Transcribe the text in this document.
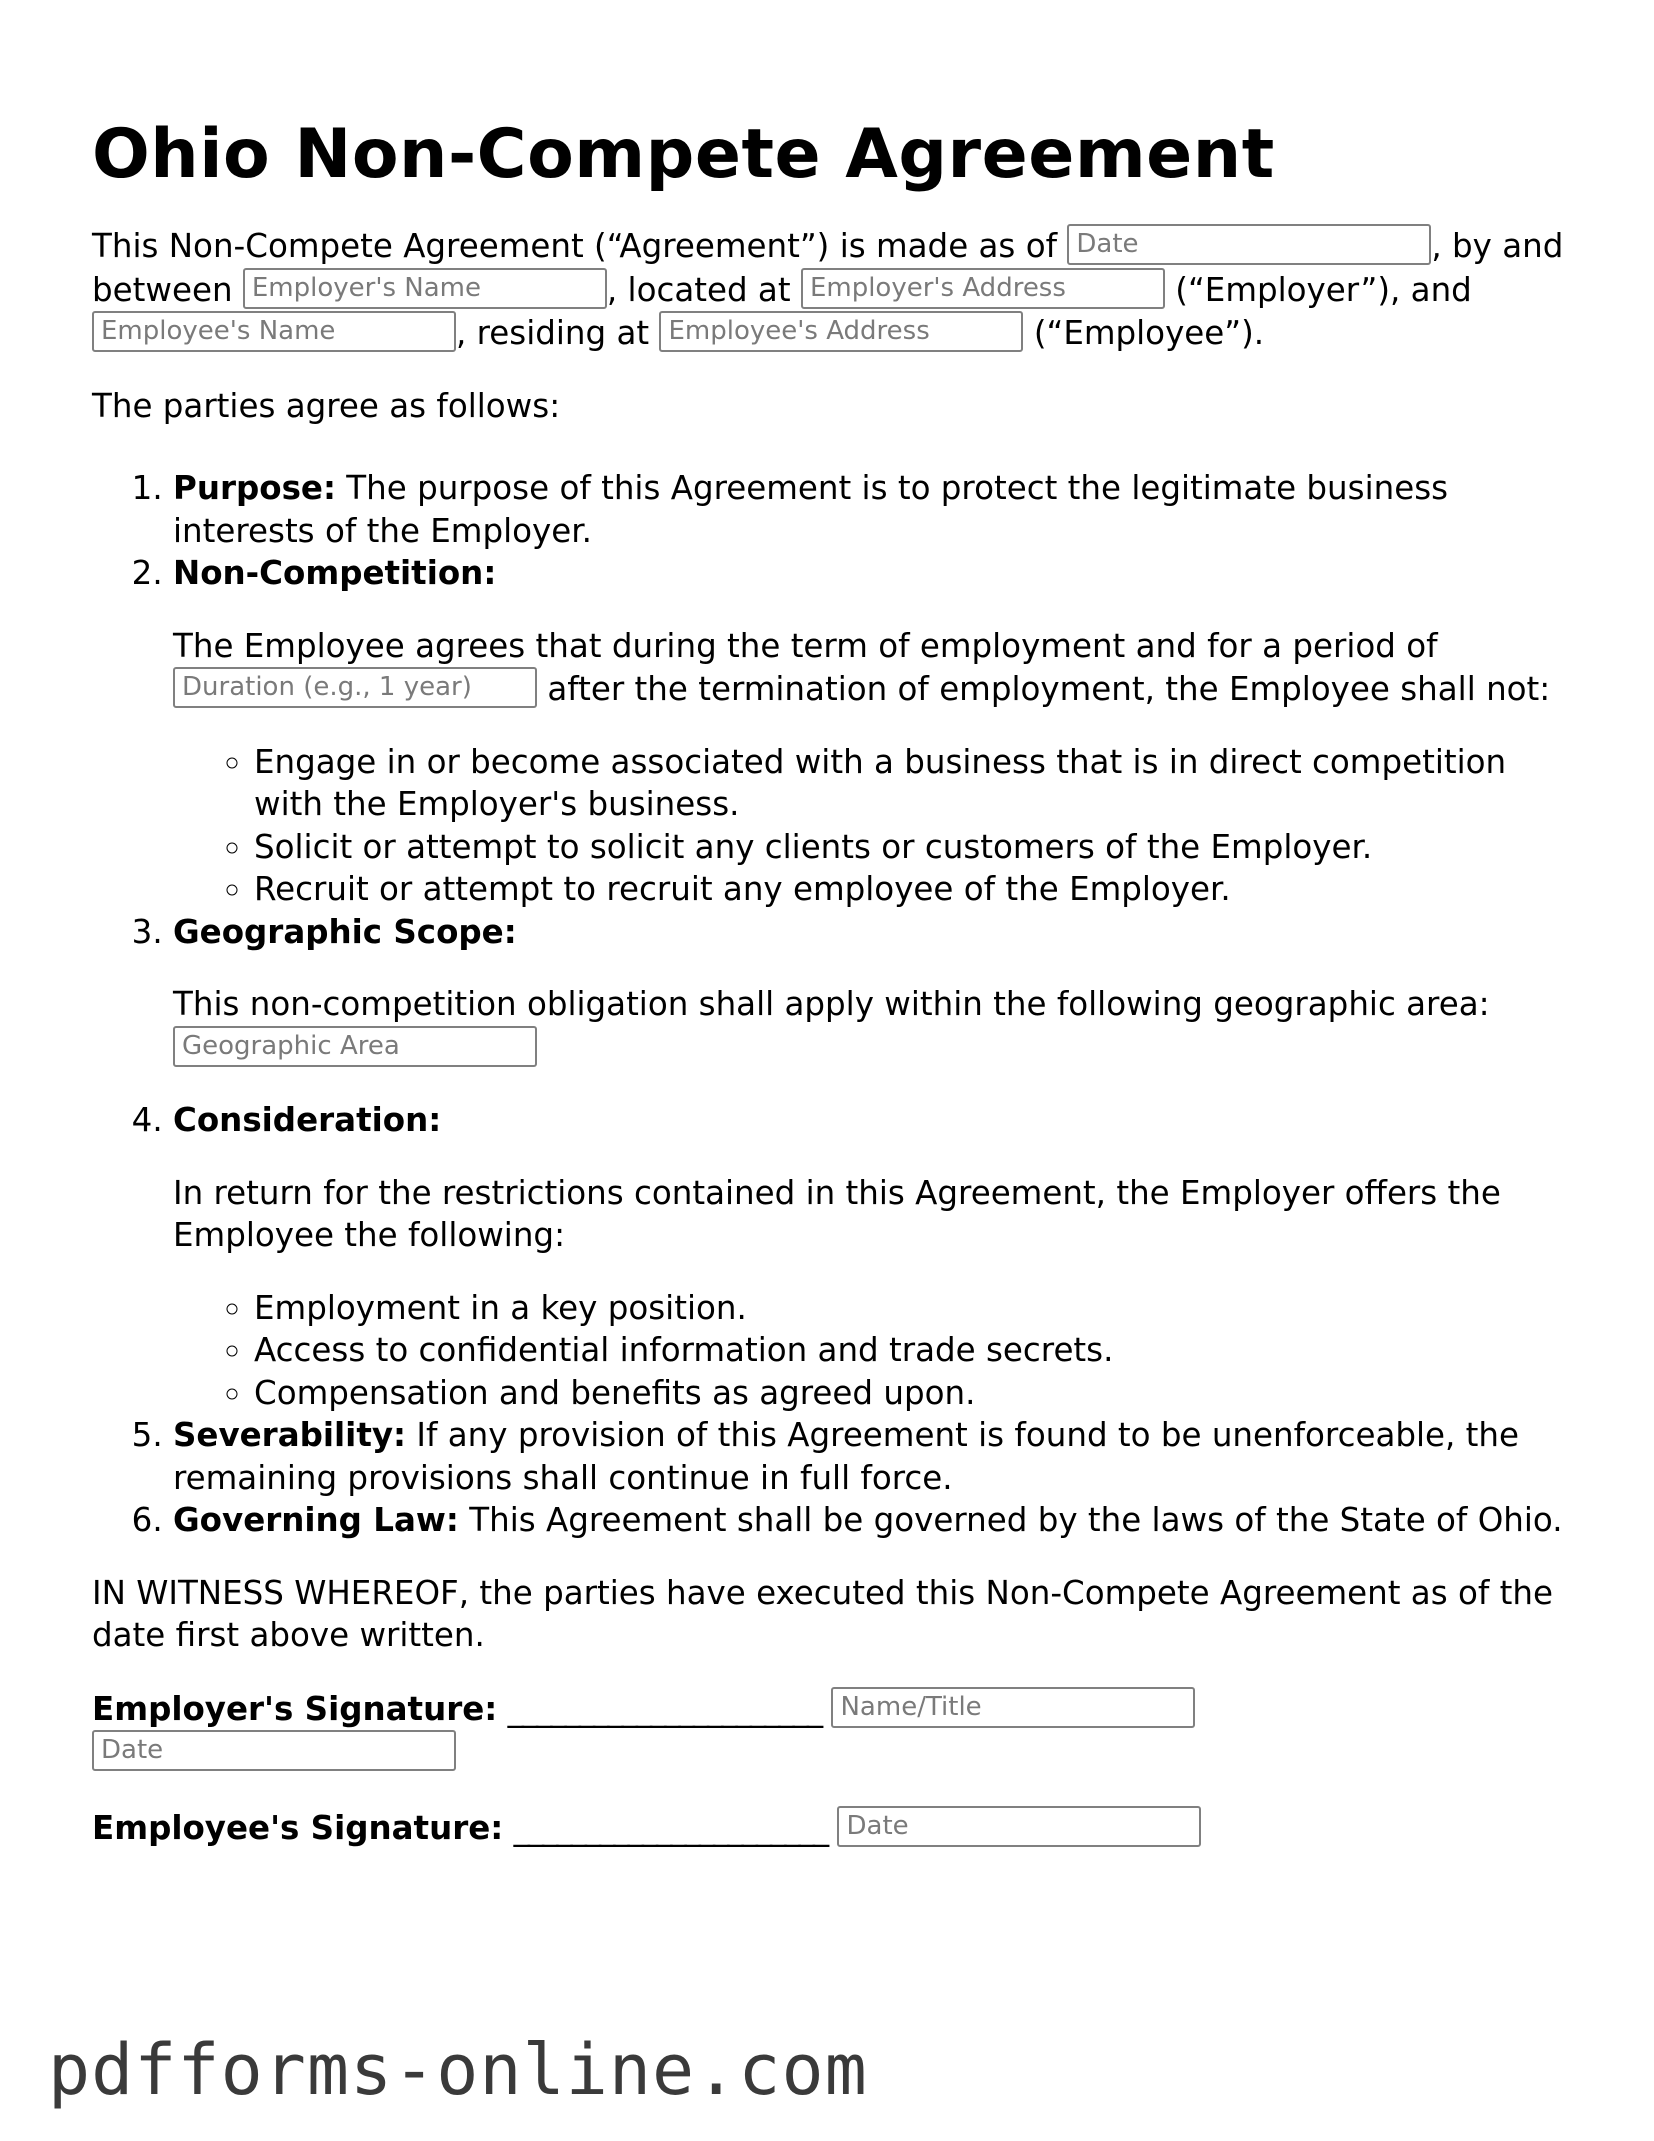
Ohio Non-Compete Agreement

This Non-Compete Agreement (“Agreement”) is made as of Date	, by and between Employer's Name	, located at Employer's Address	(“Employer”), and Employee's Name	, residing at Employee's Address	(“Employee”).

The parties agree as follows:

1. Purpose: The purpose of this Agreement is to protect the legitimate business interests of the Employer.
2. Non-Competition:

The Employee agrees that during the term of employment and for a period of Duration (e.g., 1 year) after the termination of employment, the Employee shall not:

◦ Engage in or become associated with a business that is in direct competition with the Employer's business.
◦ Solicit or attempt to solicit any clients or customers of the Employer.
◦ Recruit or attempt to recruit any employee of the Employer.
3. Geographic Scope:

This non-competition obligation shall apply within the following geographic area: Geographic Area

4. Consideration:

In return for the restrictions contained in this Agreement, the Employer offers the Employee the following:

◦ Employment in a key position.
◦ Access to confidential information and trade secrets.
◦ Compensation and benefits as agreed upon.
5. Severability: If any provision of this Agreement is found to be unenforceable, the remaining provisions shall continue in full force.
6. Governing Law: This Agreement shall be governed by the laws of the State of Ohio.

IN WITNESS WHEREOF, the parties have executed this Non-Compete Agreement as of the date first above written.

Employer's Signature: ______________________ Name/Title
Date

Employee's Signature: ______________________ Date

pdfforms-online.com
